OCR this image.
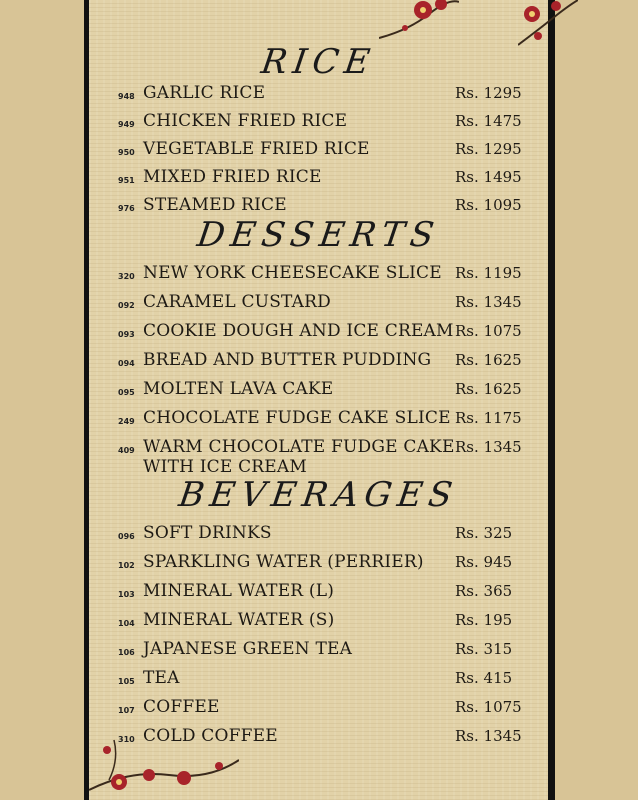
RICE
948 GARLIC RICE	Rs. 1295
949 CHICKEN FRIED RICE	Rs. 1475
950 VEGETABLE FRIED RICE	Rs. 1295
951 MIXED FRIED RICE	Rs. 1495
976 STEAMED RICE	Rs. 1095
DESSERTS
320 NEW YORK CHEESECAKE SLICE Rs. 1195
092 CARAMEL CUSTARD	Rs. 1345
093 COOKIE DOUGH AND ICE CREAM Rs. 1075
094 BREAD AND BUTTER PUDDING Rs. 1625
095 MOLTEN LAVA CAKE	Rs. 1625
249 CHOCOLATE FUDGE CAKE SLICE Rs. 1175
409 WARM CHOCOLATE FUDGE CAKE
WITH ICE CREAM
Rs. 1345
BEVERAGES
096 SOFT DRINKS	Rs. 325
102 SPARKLING WATER (PERRIER) Rs. 945
103 MINERAL WATER (L)	Rs. 365
104 MINERAL WATER (S)	Rs. 195
106 JAPANESE GREEN TEA	Rs. 315
105 TEA	Rs. 415
107 COFFEE	Rs. 1075
310 COLD COFFEE	Rs. 1345
